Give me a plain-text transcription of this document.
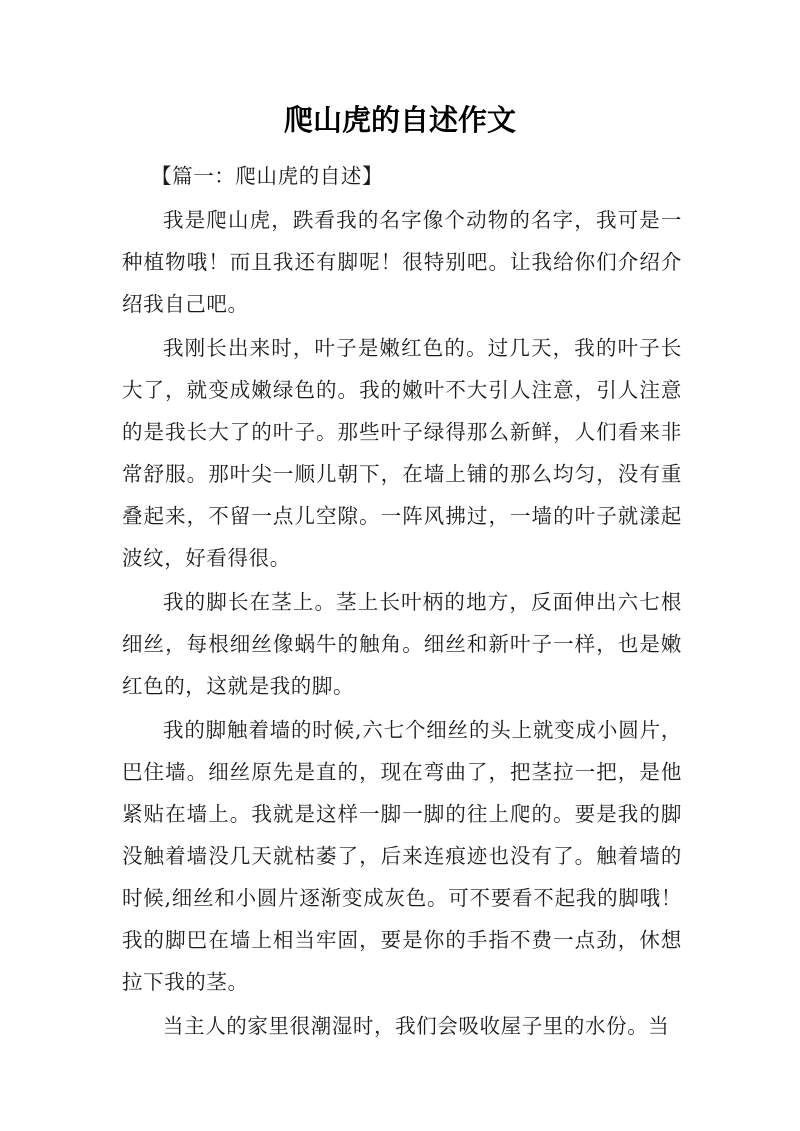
爬山虎的自述作文

【篇一：爬山虎的自述】

我是爬山虎，跌看我的名字像个动物的名字，我可是一种植物哦！而且我还有脚呢！很特别吧。让我给你们介绍介绍我自己吧。

我刚长出来时，叶子是嫩红色的。过几天，我的叶子长大了，就变成嫩绿色的。我的嫩叶不大引人注意，引人注意的是我长大了的叶子。那些叶子绿得那么新鲜，人们看来非常舒服。那叶尖一顺儿朝下，在墙上铺的那么均匀，没有重叠起来，不留一点儿空隙。一阵风拂过，一墙的叶子就漾起波纹，好看得很。

我的脚长在茎上。茎上长叶柄的地方，反面伸出六七根细丝，每根细丝像蜗牛的触角。细丝和新叶子一样，也是嫩红色的，这就是我的脚。

我的脚触着墙的时候,六七个细丝的头上就变成小圆片，巴住墙。细丝原先是直的，现在弯曲了，把茎拉一把，是他紧贴在墙上。我就是这样一脚一脚的往上爬的。要是我的脚没触着墙没几天就枯萎了，后来连痕迹也没有了。触着墙的时候,细丝和小圆片逐渐变成灰色。可不要看不起我的脚哦！我的脚巴在墙上相当牢固，要是你的手指不费一点劲，休想拉下我的茎。

当主人的家里很潮湿时，我们会吸收屋子里的水份。当
